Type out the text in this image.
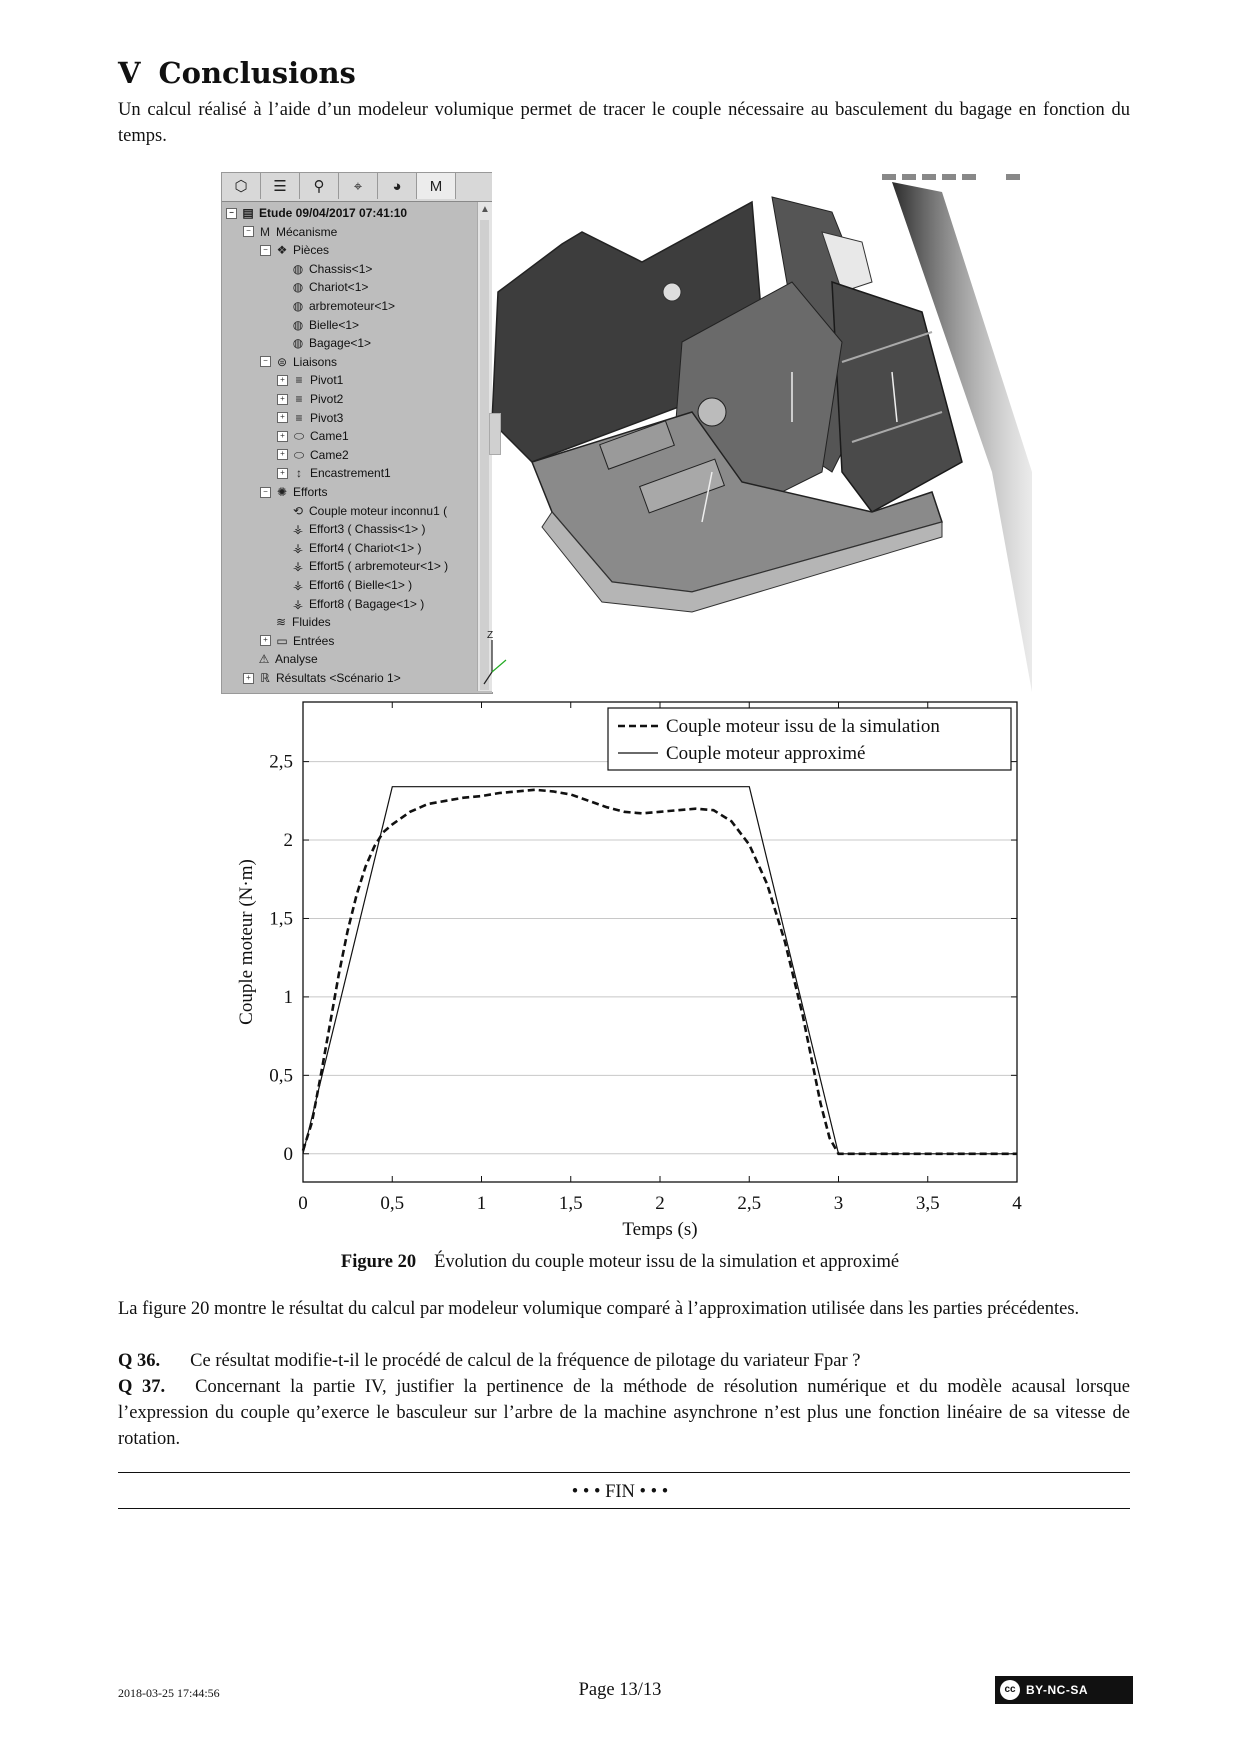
V Conclusions
Un calcul réalisé à l’aide d’un modeleur volumique permet de tracer le couple nécessaire au basculement du bagage en fonction du temps.
⬡	☰	⚲	⌖	◕	M
▲
− ▤ Etude 09/04/2017 07:41:10
− M Mécanisme
− ❖ Pièces
◍ Chassis<1>
◍ Chariot<1>
◍ arbremoteur<1>
◍ Bielle<1>
◍ Bagage<1>
− ⊜ Liaisons
+ ≡ Pivot1
+ ≡ Pivot2
+ ≡ Pivot3
+ ⬭ Came1
+ ⬭ Came2
+ ↕ Encastrement1
− ✺ Efforts
⟲ Couple moteur inconnu1 (
⚶ Effort3 ( Chassis<1> )
⚶ Effort4 ( Chariot<1> )
⚶ Effort5 ( arbremoteur<1> )
⚶ Effort6 ( Bielle<1> )
⚶ Effort8 ( Bagage<1> )
≋ Fluides
+ ▭ Entrées
⚠ Analyse
+ ℝ Résultats <Scénario 1>
Z
0
0,5
1
1,5
2
2,5
0	0,5	1	1,5	2	2,5	3	3,5	4
Temps (s)
Couple moteur (N·m)
Couple moteur issu de la simulation
Couple moteur approximé
Figure 20 Évolution du couple moteur issu de la simulation et approximé
La figure 20 montre le résultat du calcul par modeleur volumique comparé à l’approximation utilisée dans les parties précédentes.
Q 36. Ce résultat modifie-t-il le procédé de calcul de la fréquence de pilotage du variateur Fpar ?
Q 37. Concernant la partie IV, justifier la pertinence de la méthode de résolution numérique et du modèle acausal lorsque l’expression du couple qu’exerce le basculeur sur l’arbre de la machine asynchrone n’est plus une fonction linéaire de sa vitesse de rotation.
• • • FIN • • •
2018-03-25 17:44:56	Page 13/13	cc BY-NC-SA
